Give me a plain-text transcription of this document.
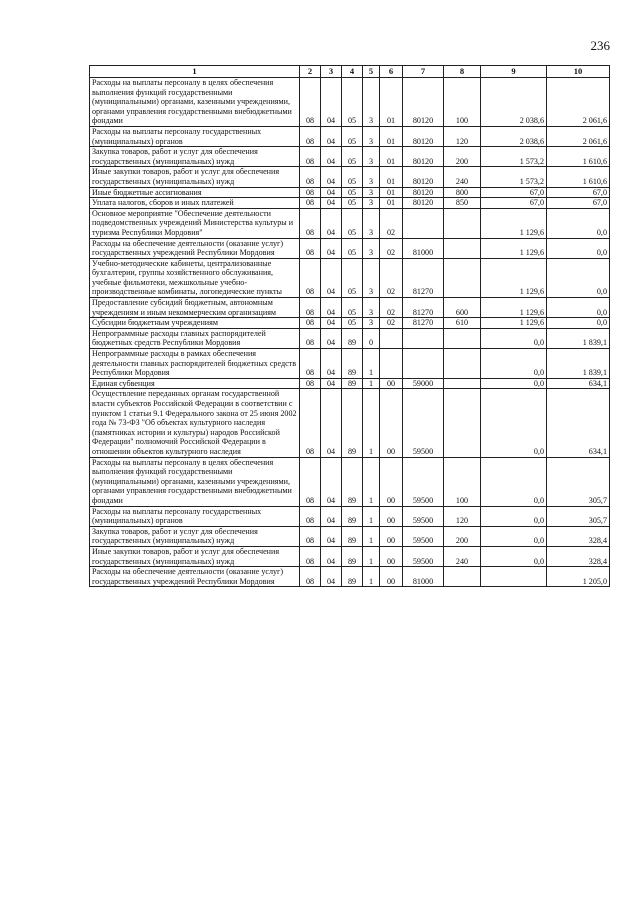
236
1	2	3	4	5	6	7	8	9	10
Расходы на выплаты персоналу в целях обеспечения выполнения функций государственными (муниципальными) органами, казенными учреждениями, органами управления государственными внебюджетными фондами	08	04	05	3	01	80120	100	2 038,6	2 061,6
Расходы на выплаты персоналу государственных (муниципальных) органов	08	04	05	3	01	80120	120	2 038,6	2 061,6
Закупка товаров, работ и услуг для обеспечения государственных (муниципальных) нужд	08	04	05	3	01	80120	200	1 573,2	1 610,6
Иные закупки товаров, работ и услуг для обеспечения государственных (муниципальных) нужд	08	04	05	3	01	80120	240	1 573,2	1 610,6
Иные бюджетные ассигнования	08	04	05	3	01	80120	800	67,0	67,0
Уплата налогов, сборов и иных платежей	08	04	05	3	01	80120	850	67,0	67,0
Основное мероприятие "Обеспечение деятельности подведомственных учреждений Министерства культуры и туризма Республики Мордовия"	08	04	05	3	02			1 129,6	0,0
Расходы на обеспечение деятельности (оказание услуг) государственных учреждений Республики Мордовия	08	04	05	3	02	81000		1 129,6	0,0
Учебно-методические кабинеты, централизованные бухгалтерии, группы хозяйственного обслуживания, учебные фильмотеки, межшкольные учебно-производственные комбинаты, логопедические пункты	08	04	05	3	02	81270		1 129,6	0,0
Предоставление субсидий бюджетным, автономным учреждениям и иным некоммерческим организациям	08	04	05	3	02	81270	600	1 129,6	0,0
Субсидии бюджетным учреждениям	08	04	05	3	02	81270	610	1 129,6	0,0
Непрограммные расходы главных распорядителей бюджетных средств Республики Мордовия	08	04	89	0				0,0	1 839,1
Непрограммные расходы в рамках обеспечения деятельности главных распорядителей бюджетных средств Республики Мордовия	08	04	89	1				0,0	1 839,1
Единая субвенция	08	04	89	1	00	59000		0,0	634,1
Осуществление переданных органам государственной власти субъектов Российской Федерации в соответствии с пунктом 1 статьи 9.1 Федерального закона от 25 июня 2002 года № 73-ФЗ "Об объектах культурного наследия (памятниках истории и культуры) народов Российской Федерации" полномочий Российской Федерации в отношении объектов культурного наследия	08	04	89	1	00	59500		0,0	634,1
Расходы на выплаты персоналу в целях обеспечения выполнения функций государственными (муниципальными) органами, казенными учреждениями, органами управления государственными внебюджетными фондами	08	04	89	1	00	59500	100	0,0	305,7
Расходы на выплаты персоналу государственных (муниципальных) органов	08	04	89	1	00	59500	120	0,0	305,7
Закупка товаров, работ и услуг для обеспечения государственных (муниципальных) нужд	08	04	89	1	00	59500	200	0,0	328,4
Иные закупки товаров, работ и услуг для обеспечения государственных (муниципальных) нужд	08	04	89	1	00	59500	240	0,0	328,4
Расходы на обеспечение деятельности (оказание услуг) государственных учреждений Республики Мордовия	08	04	89	1	00	81000			1 205,0
